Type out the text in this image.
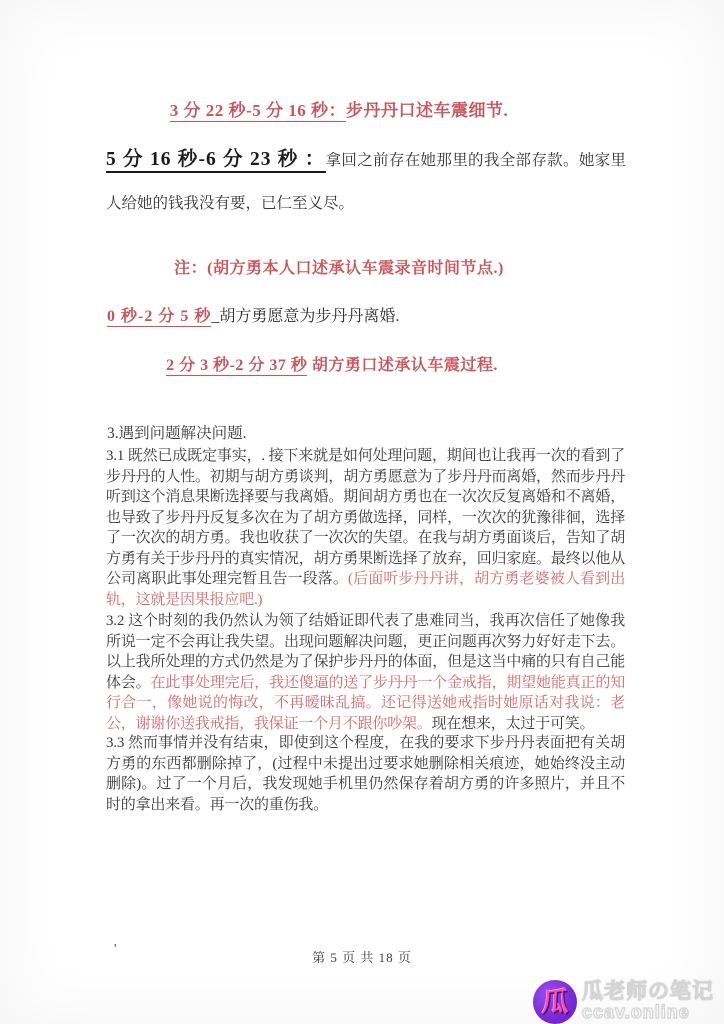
3 分 22 秒-5 分 16 秒：步丹丹口述车震细节.
5 分 16 秒-6 分 23 秒 ：拿回之前存在她那里的我全部存款。她家里人给她的钱我没有要，已仁至义尽。
注：(胡方勇本人口述承认车震录音时间节点.)
0 秒-2 分 5 秒_胡方勇愿意为步丹丹离婚.
2 分 3 秒-2 分 37 秒 胡方勇口述承认车震过程.
3.遇到问题解决问题.
3.1 既然已成既定事实，. 接下来就是如何处理问题，期间也让我再一次的看到了步丹丹的人性。初期与胡方勇谈判，胡方勇愿意为了步丹丹而离婚，然而步丹丹听到这个消息果断选择要与我离婚。期间胡方勇也在一次次反复离婚和不离婚，也导致了步丹丹反复多次在为了胡方勇做选择，同样，一次次的犹豫徘徊，选择了一次次的胡方勇。我也收获了一次次的失望。在我与胡方勇面谈后，告知了胡方勇有关于步丹丹的真实情况，胡方勇果断选择了放弃，回归家庭。最终以他从公司离职此事处理完暂且告一段落。(后面听步丹丹讲，胡方勇老婆被人看到出轨，这就是因果报应吧.)
3.2 这个时刻的我仍然认为领了结婚证即代表了患难同当，我再次信任了她像我所说一定不会再让我失望。出现问题解决问题，更正问题再次努力好好走下去。以上我所处理的方式仍然是为了保护步丹丹的体面，但是这当中痛的只有自己能体会。在此事处理完后，我还傻逼的送了步丹丹一个金戒指，期望她能真正的知行合一，像她说的悔改，不再暧昧乱搞。还记得送她戒指时她原话对我说：老公，谢谢你送我戒指，我保证一个月不跟你吵架。现在想来，太过于可笑。
3.3 然而事情并没有结束，即使到这个程度，在我的要求下步丹丹表面把有关胡方勇的东西都删除掉了，(过程中未提出过要求她删除相关痕迹，她始终没主动删除)。过了一个月后，我发现她手机里仍然保存着胡方勇的许多照片，并且不时的拿出来看。再一次的重伤我。
'
第 5 页 共 18 页
瓜 瓜老师の笔记
ccav.online
